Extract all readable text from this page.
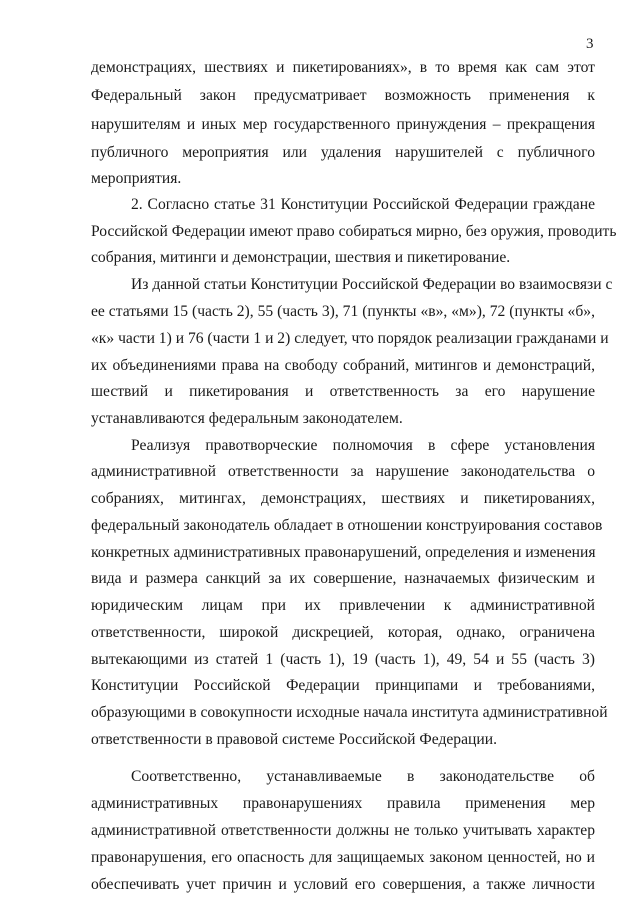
3
демонстрациях, шествиях и пикетированиях», в то время как сам этот
Федеральный закон предусматривает возможность применения к
нарушителям и иных мер государственного принуждения – прекращения
публичного мероприятия или удаления нарушителей с публичного
мероприятия.
2. Согласно статье 31 Конституции Российской Федерации граждане
Российской Федерации имеют право собираться мирно, без оружия, проводить
собрания, митинги и демонстрации, шествия и пикетирование.
Из данной статьи Конституции Российской Федерации во взаимосвязи с
ее статьями 15 (часть 2), 55 (часть 3), 71 (пункты «в», «м»), 72 (пункты «б»,
«к» части 1) и 76 (части 1 и 2) следует, что порядок реализации гражданами и
их объединениями права на свободу собраний, митингов и демонстраций,
шествий и пикетирования и ответственность за его нарушение
устанавливаются федеральным законодателем.
Реализуя правотворческие полномочия в сфере установления
административной ответственности за нарушение законодательства о
собраниях, митингах, демонстрациях, шествиях и пикетированиях,
федеральный законодатель обладает в отношении конструирования составов
конкретных административных правонарушений, определения и изменения
вида и размера санкций за их совершение, назначаемых физическим и
юридическим лицам при их привлечении к административной
ответственности, широкой дискрецией, которая, однако, ограничена
вытекающими из статей 1 (часть 1), 19 (часть 1), 49, 54 и 55 (часть 3)
Конституции Российской Федерации принципами и требованиями,
образующими в совокупности исходные начала института административной
ответственности в правовой системе Российской Федерации.
Соответственно, устанавливаемые в законодательстве об
административных правонарушениях правила применения мер
административной ответственности должны не только учитывать характер
правонарушения, его опасность для защищаемых законом ценностей, но и
обеспечивать учет причин и условий его совершения, а также личности
